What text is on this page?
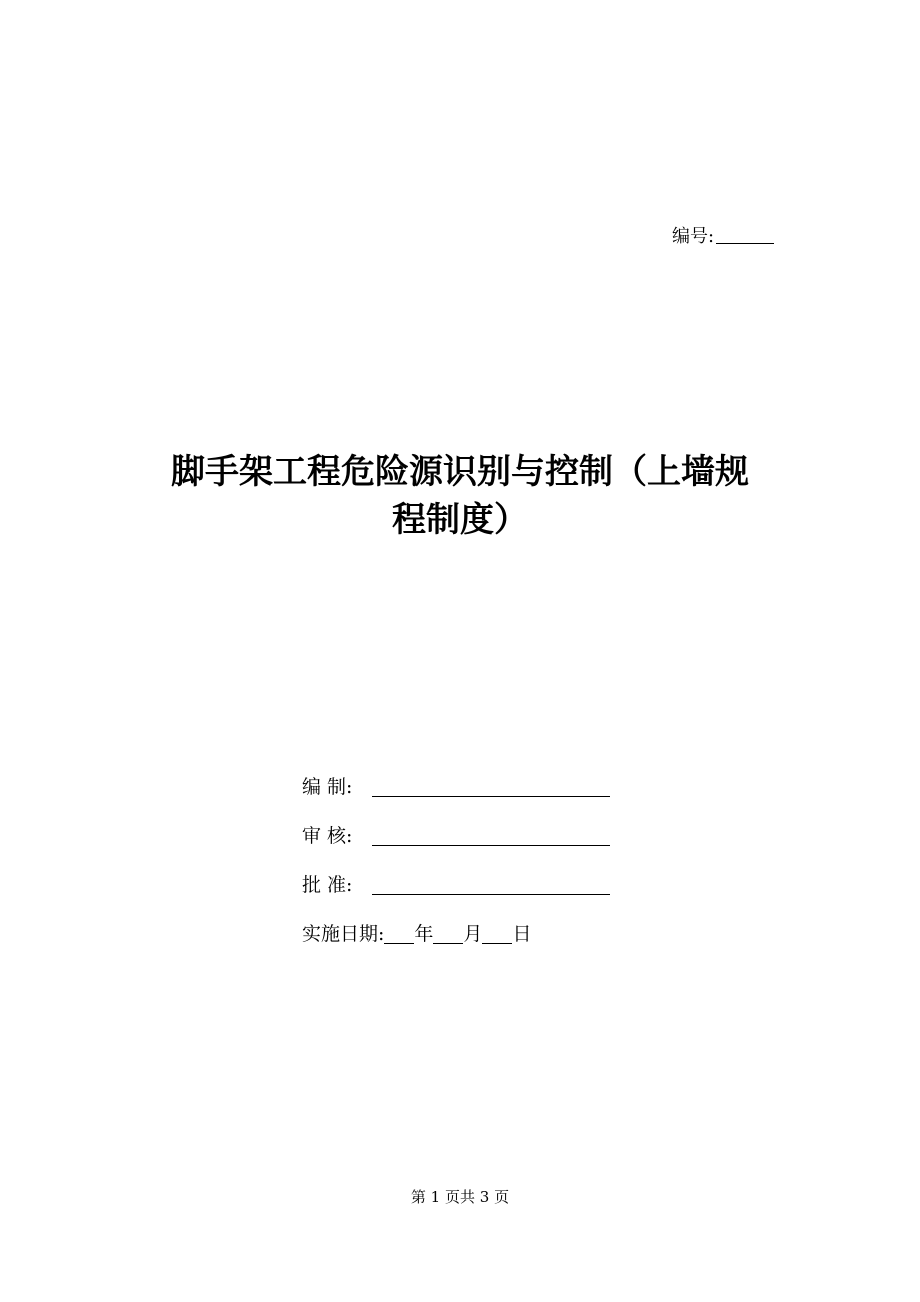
编号:
脚手架工程危险源识别与控制（上墙规
程制度）
编 制:
审 核:
批 准:
实施日期: 年 月 日
第 1 页共 3 页
